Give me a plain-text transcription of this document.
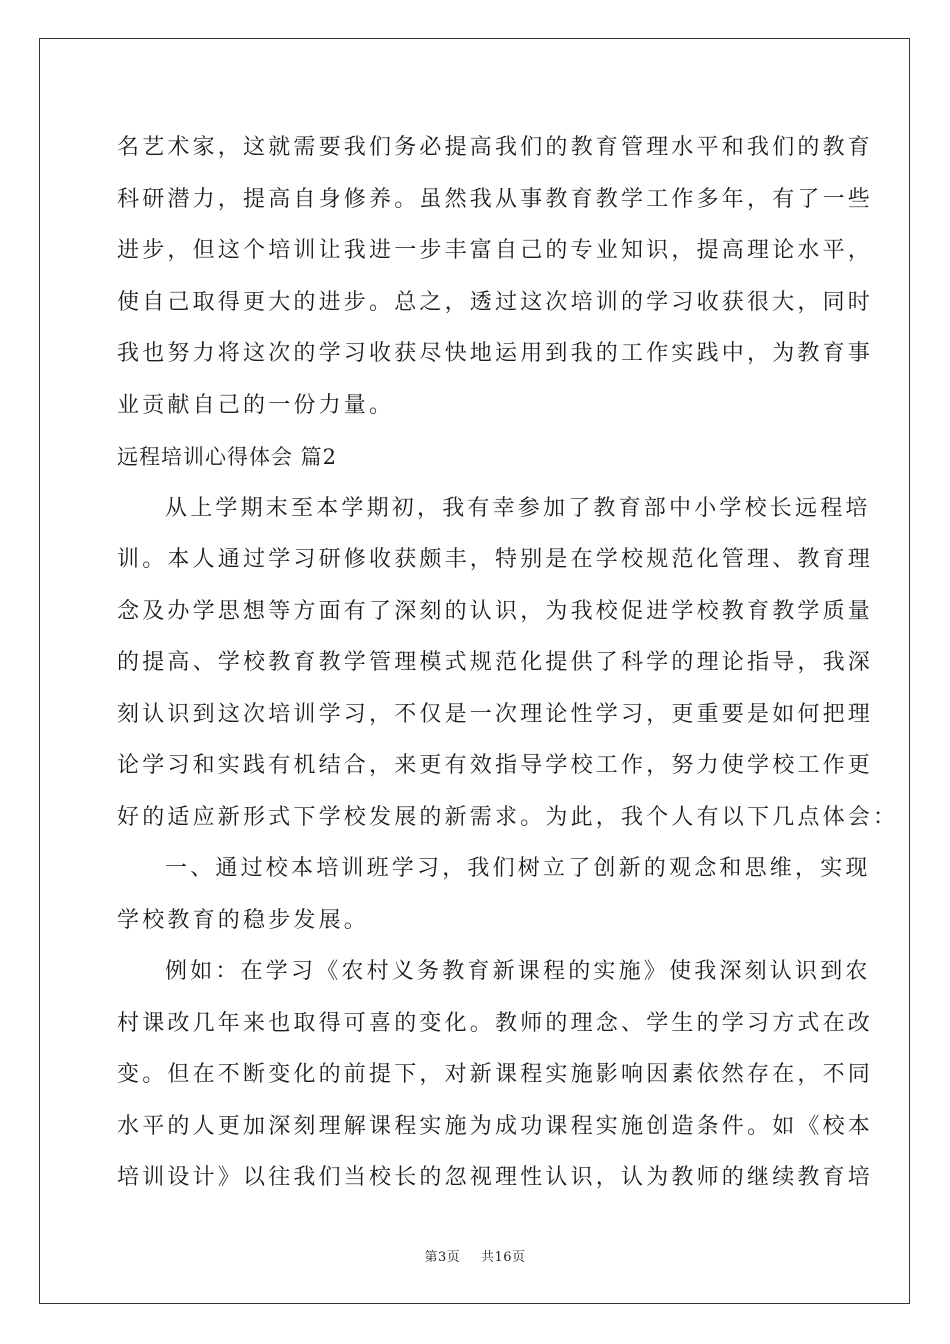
名艺术家，这就需要我们务必提高我们的教育管理水平和我们的教育
科研潜力，提高自身修养。虽然我从事教育教学工作多年，有了一些
进步，但这个培训让我进一步丰富自己的专业知识，提高理论水平，
使自己取得更大的进步。总之，透过这次培训的学习收获很大，同时
我也努力将这次的学习收获尽快地运用到我的工作实践中，为教育事
业贡献自己的一份力量。
远程培训心得体会 篇2
从上学期末至本学期初，我有幸参加了教育部中小学校长远程培
训。本人通过学习研修收获颇丰，特别是在学校规范化管理、教育理
念及办学思想等方面有了深刻的认识，为我校促进学校教育教学质量
的提高、学校教育教学管理模式规范化提供了科学的理论指导，我深
刻认识到这次培训学习，不仅是一次理论性学习，更重要是如何把理
论学习和实践有机结合，来更有效指导学校工作，努力使学校工作更
好的适应新形式下学校发展的新需求。为此，我个人有以下几点体会：
一、通过校本培训班学习，我们树立了创新的观念和思维，实现
学校教育的稳步发展。
例如：在学习《农村义务教育新课程的实施》使我深刻认识到农
村课改几年来也取得可喜的变化。教师的理念、学生的学习方式在改
变。但在不断变化的前提下，对新课程实施影响因素依然存在，不同
水平的人更加深刻理解课程实施为成功课程实施创造条件。如《校本
培训设计》以往我们当校长的忽视理性认识，认为教师的继续教育培
第3页 共16页
